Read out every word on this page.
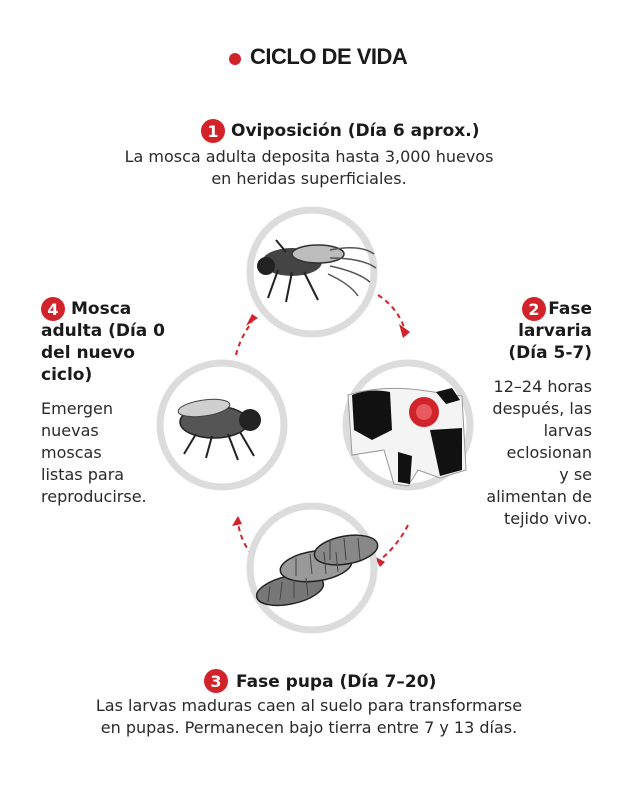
CICLO DE VIDA
1 Oviposición (Día 6 aprox.)
La mosca adulta deposita hasta 3,000 huevos
en heridas superficiales.
2 Fase
larvaria
(Día 5-7)
12–24 horas
después, las
larvas
eclosionan
y se
alimentan de
tejido vivo.
3 Fase pupa (Día 7–20)
Las larvas maduras caen al suelo para transformarse
en pupas. Permanecen bajo tierra entre 7 y 13 días.
4 Mosca
adulta (Día 0
del nuevo
ciclo)
Emergen
nuevas
moscas
listas para
reproducirse.
